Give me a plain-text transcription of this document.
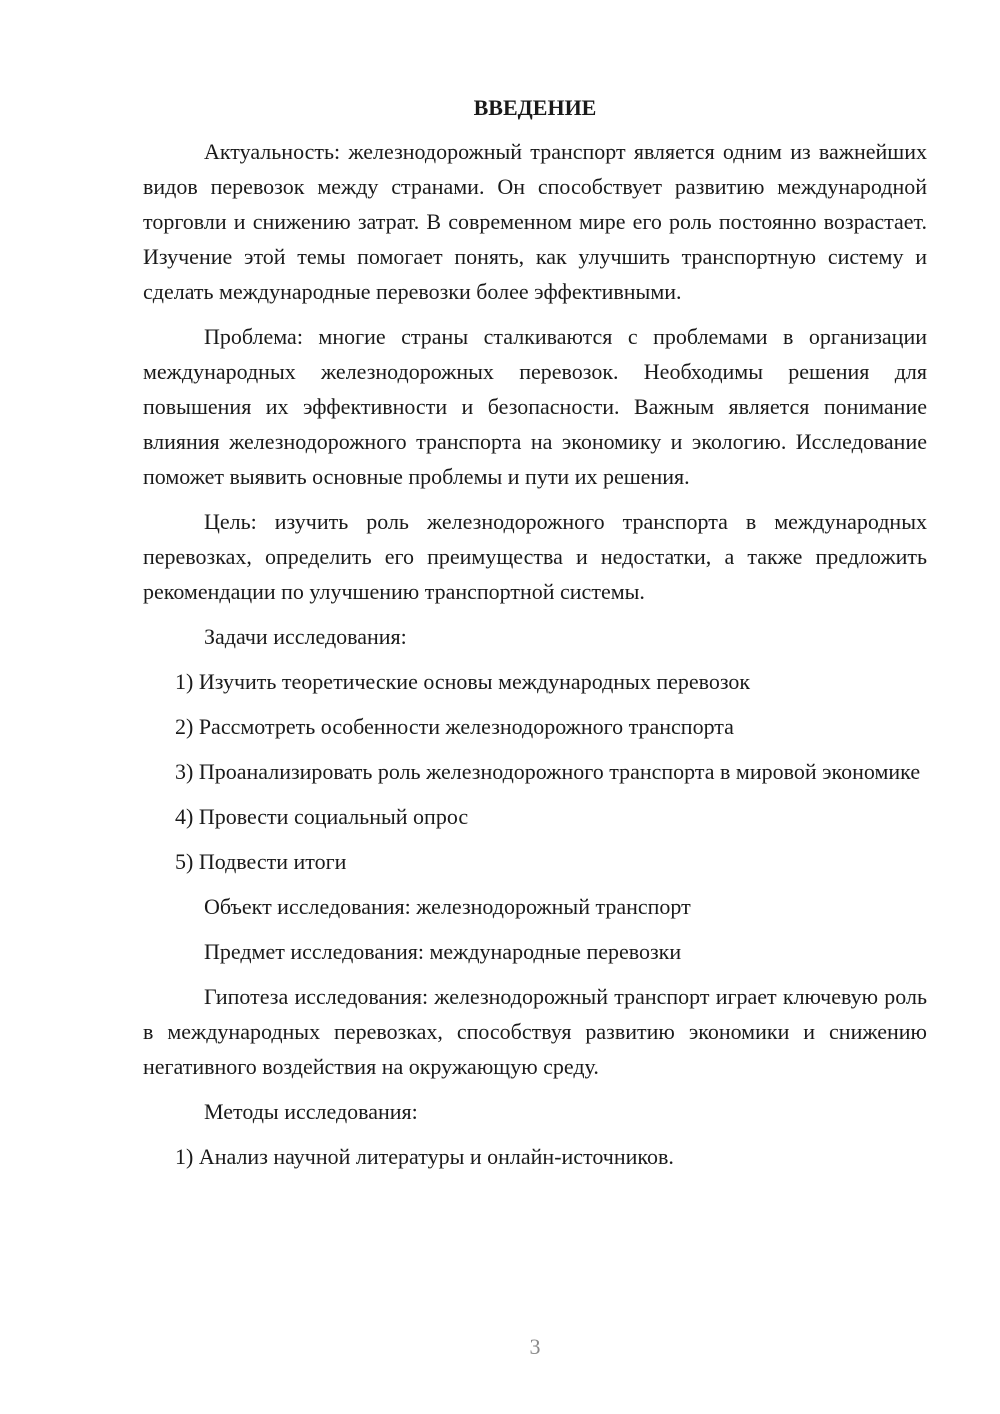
ВВЕДЕНИЕ

Актуальность: железнодорожный транспорт является одним из важнейших видов перевозок между странами. Он способствует развитию международной торговли и снижению затрат. В современном мире его роль постоянно возрастает. Изучение этой темы помогает понять, как улучшить транспортную систему и сделать международные перевозки более эффективными.

Проблема: многие страны сталкиваются с проблемами в организации международных железнодорожных перевозок. Необходимы решения для повышения их эффективности и безопасности. Важным является понимание влияния железнодорожного транспорта на экономику и экологию. Исследование поможет выявить основные проблемы и пути их решения.

Цель: изучить роль железнодорожного транспорта в международных перевозках, определить его преимущества и недостатки, а также предложить рекомендации по улучшению транспортной системы.

Задачи исследования:

1) Изучить теоретические основы международных перевозок

2) Рассмотреть особенности железнодорожного транспорта

3) Проанализировать роль железнодорожного транспорта в мировой экономике

4) Провести социальный опрос

5) Подвести итоги

Объект исследования: железнодорожный транспорт

Предмет исследования: международные перевозки

Гипотеза исследования: железнодорожный транспорт играет ключевую роль в международных перевозках, способствуя развитию экономики и снижению негативного воздействия на окружающую среду.

Методы исследования:

1) Анализ научной литературы и онлайн-источников.

3
